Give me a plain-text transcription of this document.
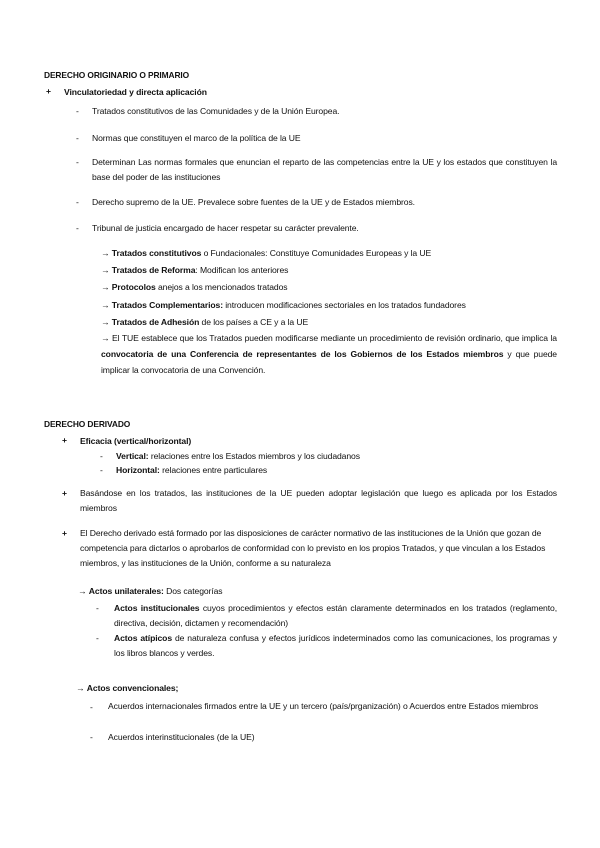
DERECHO ORIGINARIO O PRIMARIO
+ Vinculatoriedad y directa aplicación
- Tratados constitutivos de las Comunidades y de la Unión Europea.
- Normas que constituyen el marco de la política de la UE
- Determinan Las normas formales que enuncian el reparto de las competencias entre la UE y los estados que constituyen la base del poder de las instituciones
- Derecho supremo de la UE. Prevalece sobre fuentes de la UE y de Estados miembros.
- Tribunal de justicia encargado de hacer respetar su carácter prevalente.
→ Tratados constitutivos o Fundacionales: Constituye Comunidades Europeas y la UE
→ Tratados de Reforma: Modifican los anteriores
→ Protocolos anejos a los mencionados tratados
→ Tratados Complementarios: introducen modificaciones sectoriales en los tratados fundadores
→ Tratados de Adhesión de los países a CE y a la UE
→ El TUE establece que los Tratados pueden modificarse mediante un procedimiento de revisión ordinario, que implica la convocatoria de una Conferencia de representantes de los Gobiernos de los Estados miembros y que puede implicar la convocatoria de una Convención.
DERECHO DERIVADO
+ Eficacia (vertical/horizontal)
- Vertical: relaciones entre los Estados miembros y los ciudadanos
- Horizontal: relaciones entre particulares
+ Basándose en los tratados, las instituciones de la UE pueden adoptar legislación que luego es aplicada por los Estados miembros
+ El Derecho derivado está formado por las disposiciones de carácter normativo de las instituciones de la Unión que gozan de competencia para dictarlos o aprobarlos de conformidad con lo previsto en los propios Tratados, y que vinculan a los Estados miembros, y las instituciones de la Unión, conforme a su naturaleza
→ Actos unilaterales: Dos categorías
- Actos institucionales cuyos procedimientos y efectos están claramente determinados en los tratados (reglamento, directiva, decisión, dictamen y recomendación)
- Actos atípicos de naturaleza confusa y efectos jurídicos indeterminados como las comunicaciones, los programas y los libros blancos y verdes.
→ Actos convencionales;
- Acuerdos internacionales firmados entre la UE y un tercero (país/prganización) o Acuerdos entre Estados miembros
- Acuerdos interinstitucionales (de la UE)
